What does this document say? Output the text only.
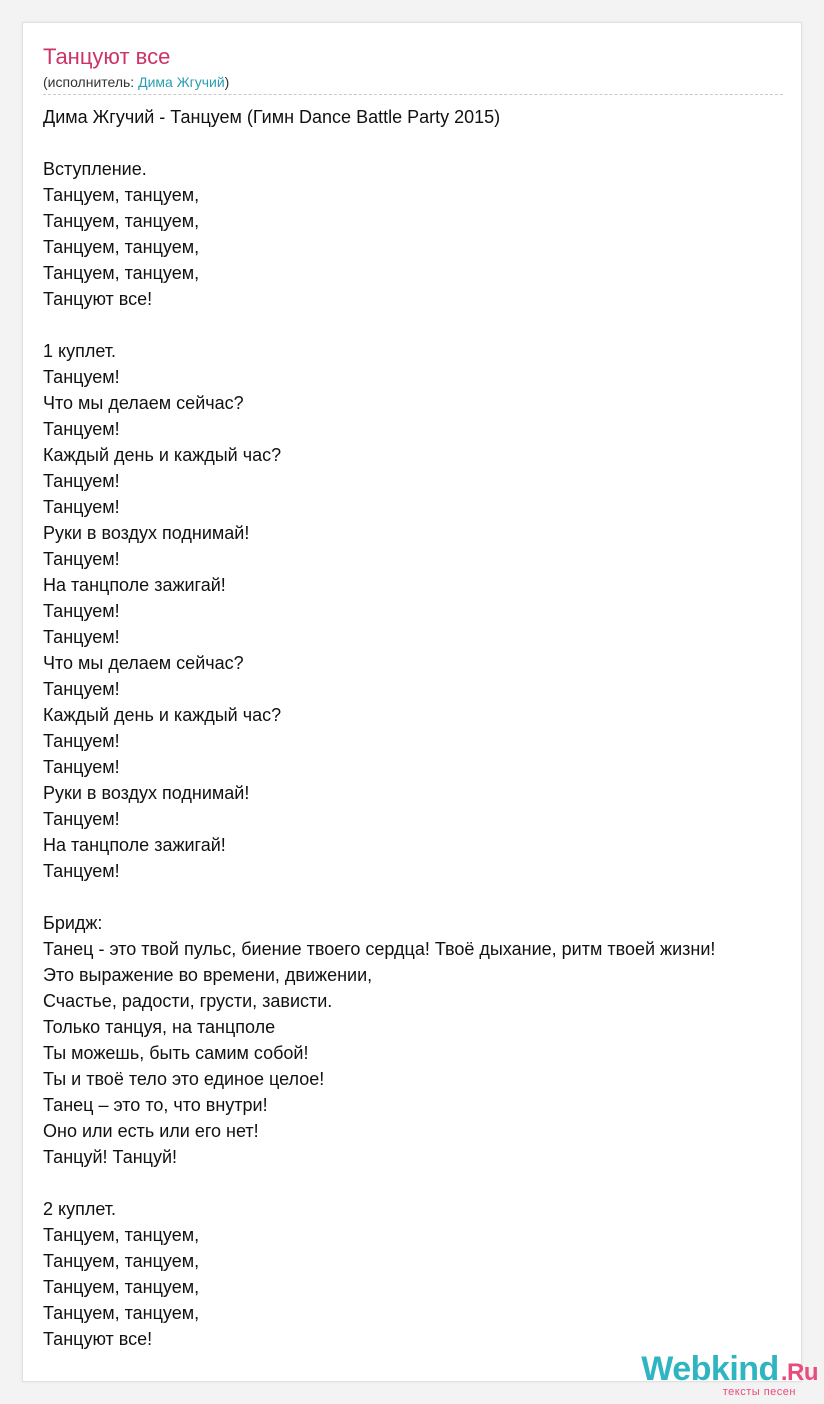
Танцуют все
(исполнитель: Дима Жгучий)
Дима Жгучий - Танцуем (Гимн Dance Battle Party 2015)
Вступление.
Танцуем, танцуем,
Танцуем, танцуем,
Танцуем, танцуем,
Танцуем, танцуем,
Танцуют все!
1 куплет.
Танцуем!
Что мы делаем сейчас?
Танцуем!
Каждый день и каждый час?
Танцуем!
Танцуем!
Руки в воздух поднимай!
Танцуем!
На танцполе зажигай!
Танцуем!
Танцуем!
Что мы делаем сейчас?
Танцуем!
Каждый день и каждый час?
Танцуем!
Танцуем!
Руки в воздух поднимай!
Танцуем!
На танцполе зажигай!
Танцуем!
Бридж:
Танец - это твой пульс, биение твоего сердца! Твоё дыхание, ритм твоей жизни!
Это выражение во времени, движении,
Счастье, радости, грусти, зависти.
Только танцуя, на танцполе
Ты можешь, быть самим собой!
Ты и твоё тело это единое целое!
Танец – это то, что внутри!
Оно или есть или его нет!
Танцуй! Танцуй!
2 куплет.
Танцуем, танцуем,
Танцуем, танцуем,
Танцуем, танцуем,
Танцуем, танцуем,
Танцуют все!
Webkind.Ru
тексты песен
